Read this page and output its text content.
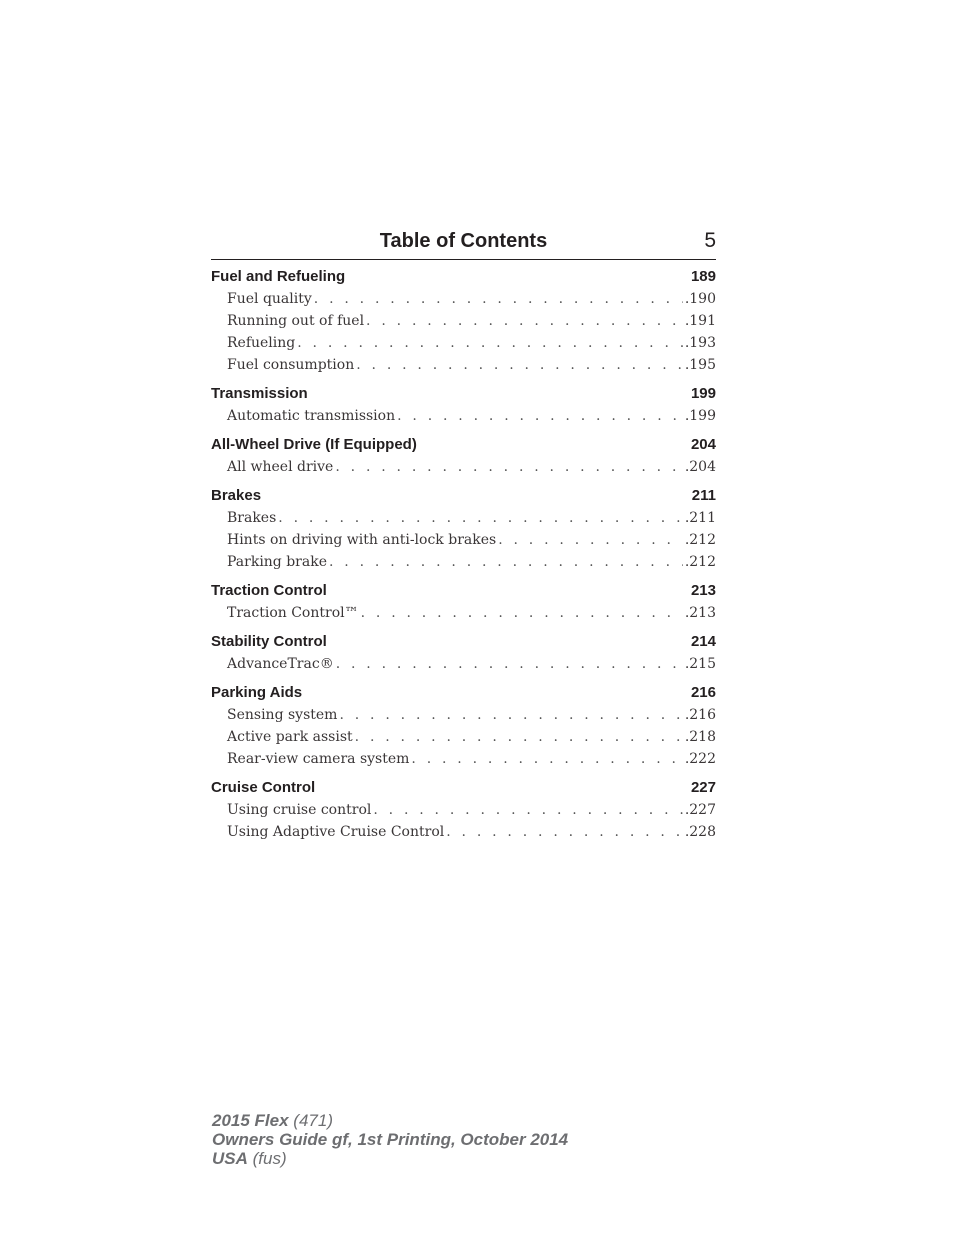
Table of Contents	5
Fuel and Refueling	189
Fuel quality . . .	.190
Running out of fuel . . .	.191
Refueling . . .	.193
Fuel consumption . . .	.195
Transmission	199
Automatic transmission . . .	.199
All-Wheel Drive (If Equipped)	204
All wheel drive . . .	.204
Brakes	211
Brakes . . .	.211
Hints on driving with anti-lock brakes . . .	.212
Parking brake . . .	.212
Traction Control	213
Traction Control™ . . .	.213
Stability Control	214
AdvanceTrac® . . .	.215
Parking Aids	216
Sensing system . . .	.216
Active park assist . . .	.218
Rear-view camera system . . .	.222
Cruise Control	227
Using cruise control . . .	.227
Using Adaptive Cruise Control . . .	.228
2015 Flex (471)
Owners Guide gf, 1st Printing, October 2014
USA (fus)
